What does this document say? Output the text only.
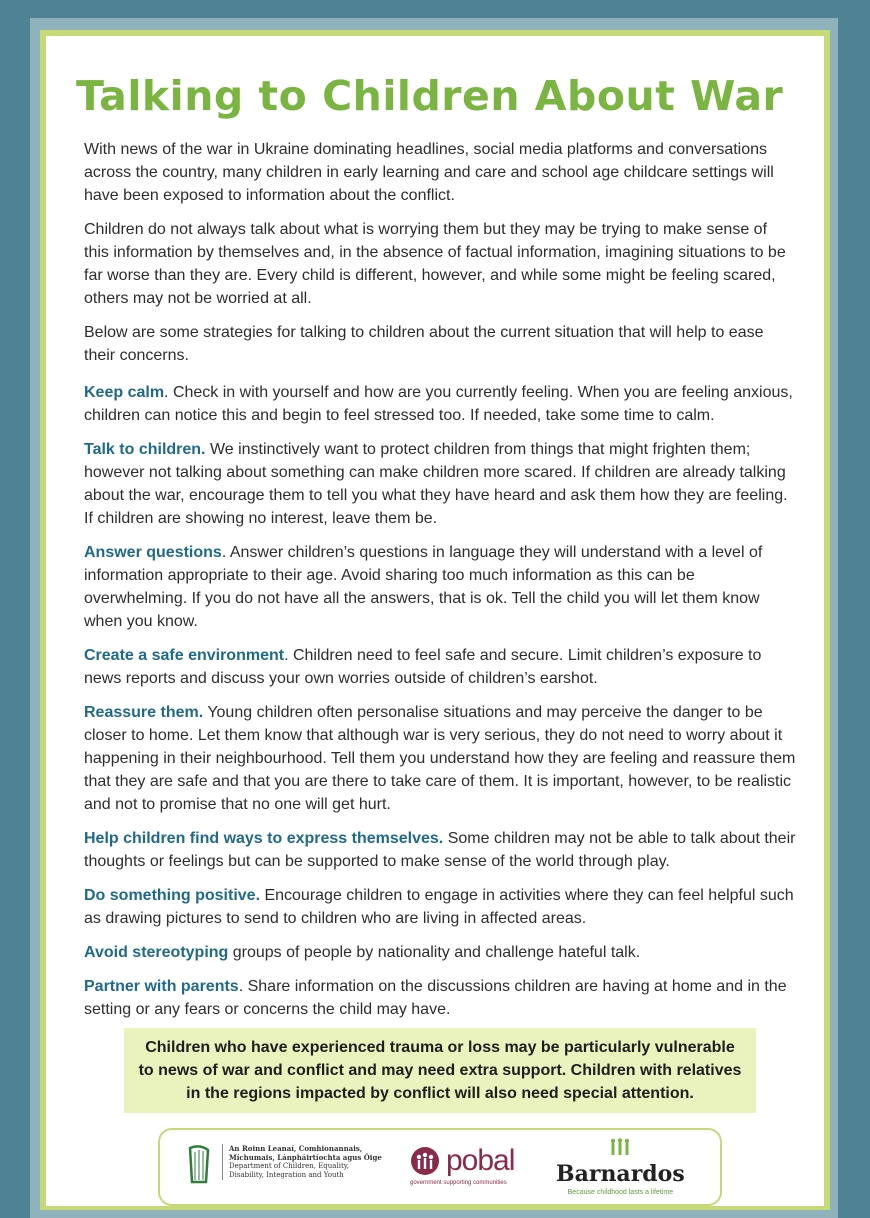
Talking to Children About War

With news of the war in Ukraine dominating headlines, social media platforms and conversations across the country, many children in early learning and care and school age childcare settings will have been exposed to information about the conflict.

Children do not always talk about what is worrying them but they may be trying to make sense of this information by themselves and, in the absence of factual information, imagining situations to be far worse than they are. Every child is different, however, and while some might be feeling scared, others may not be worried at all.

Below are some strategies for talking to children about the current situation that will help to ease their concerns.

Keep calm. Check in with yourself and how are you currently feeling. When you are feeling anxious, children can notice this and begin to feel stressed too. If needed, take some time to calm.

Talk to children. We instinctively want to protect children from things that might frighten them; however not talking about something can make children more scared. If children are already talking about the war, encourage them to tell you what they have heard and ask them how they are feeling. If children are showing no interest, leave them be.

Answer questions. Answer children’s questions in language they will understand with a level of information appropriate to their age. Avoid sharing too much information as this can be overwhelming. If you do not have all the answers, that is ok. Tell the child you will let them know when you know.

Create a safe environment. Children need to feel safe and secure. Limit children’s exposure to news reports and discuss your own worries outside of children’s earshot.

Reassure them. Young children often personalise situations and may perceive the danger to be closer to home. Let them know that although war is very serious, they do not need to worry about it happening in their neighbourhood. Tell them you understand how they are feeling and reassure them that they are safe and that you are there to take care of them. It is important, however, to be realistic and not to promise that no one will get hurt.

Help children find ways to express themselves. Some children may not be able to talk about their thoughts or feelings but can be supported to make sense of the world through play.

Do something positive. Encourage children to engage in activities where they can feel helpful such as drawing pictures to send to children who are living in affected areas.

Avoid stereotyping groups of people by nationality and challenge hateful talk.

Partner with parents. Share information on the discussions children are having at home and in the setting or any fears or concerns the child may have.

Children who have experienced trauma or loss may be particularly vulnerable to news of war and conflict and may need extra support. Children with relatives in the regions impacted by conflict will also need special attention.
An Roinn Leanaí, Comhionannais,
Míchumais, Lánpháirtíochta agus Óige
Department of Children, Equality,
Disability, Integration and Youth	pobal
government supporting communities	Barnardos
Because childhood lasts a lifetime
